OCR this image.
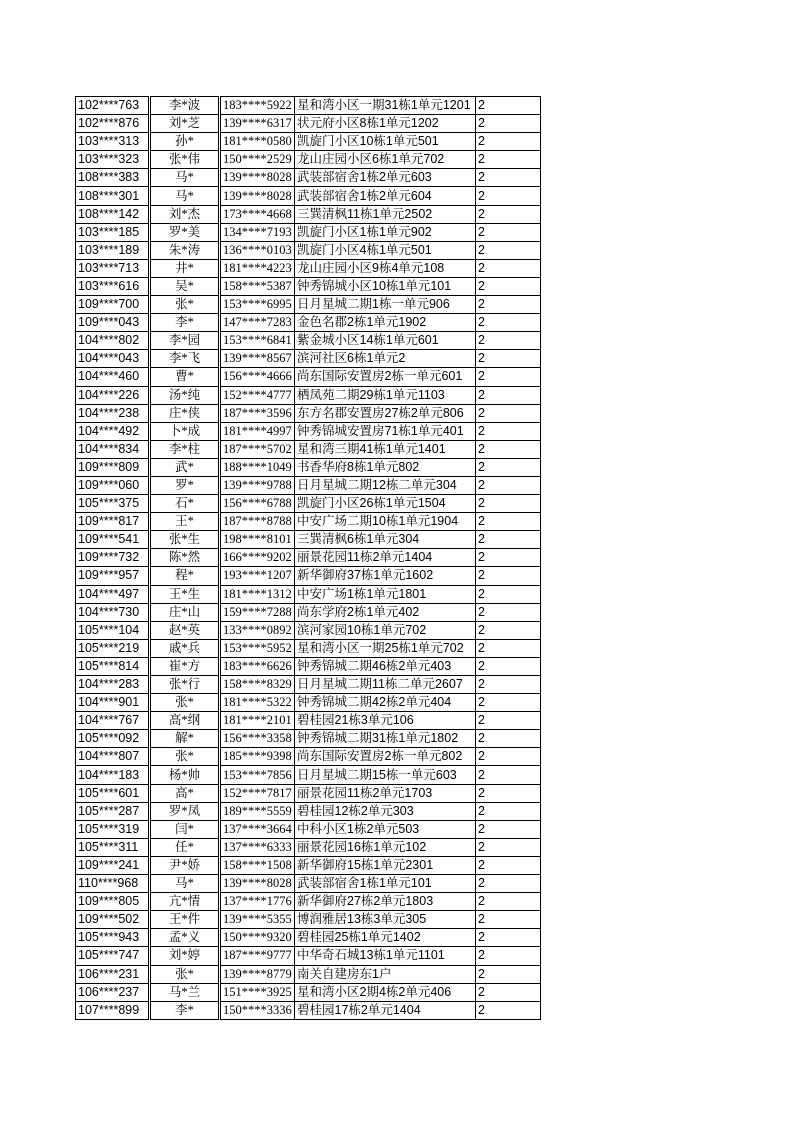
102****763	李*波	183****5922	星和湾小区一期31栋1单元1201	2
102****876	刘*芝	139****6317	状元府小区8栋1单元1202	2
103****313	孙*	181****0580	凯旋门小区10栋1单元501	2
103****323	张*伟	150****2529	龙山庄园小区6栋1单元702	2
108****383	马*	139****8028	武装部宿舍1栋2单元603	2
108****301	马*	139****8028	武装部宿舍1栋2单元604	2
108****142	刘*杰	173****4668	三巽清枫11栋1单元2502	2
103****185	罗*美	134****7193	凯旋门小区1栋1单元902	2
103****189	朱*涛	136****0103	凯旋门小区4栋1单元501	2
103****713	井*	181****4223	龙山庄园小区9栋4单元108	2
103****616	吴*	158****5387	钟秀锦城小区10栋1单元101	2
109****700	张*	153****6995	日月星城二期1栋一单元906	2
109****043	李*	147****7283	金色名郡2栋1单元1902	2
104****802	李*园	153****6841	紫金城小区14栋1单元601	2
104****043	李*飞	139****8567	滨河社区6栋1单元2	2
104****460	曹*	156****4666	尚东国际安置房2栋一单元601	2
104****226	汤*纯	152****4777	栖凤苑二期29栋1单元1103	2
104****238	庄*侠	187****3596	东方名郡安置房27栋2单元806	2
104****492	卜*成	181****4997	钟秀锦城安置房71栋1单元401	2
104****834	李*柱	187****5702	星和湾三期41栋1单元1401	2
109****809	武*	188****1049	书香华府8栋1单元802	2
109****060	罗*	139****9788	日月星城二期12栋二单元304	2
105****375	石*	156****6788	凯旋门小区26栋1单元1504	2
109****817	王*	187****8788	中安广场二期10栋1单元1904	2
109****541	张*生	198****8101	三巽清枫6栋1单元304	2
109****732	陈*然	166****9202	丽景花园11栋2单元1404	2
109****957	程*	193****1207	新华御府37栋1单元1602	2
104****497	王*生	181****1312	中安广场1栋1单元1801	2
104****730	庄*山	159****7288	尚东学府2栋1单元402	2
105****104	赵*英	133****0892	滨河家园10栋1单元702	2
105****219	戚*兵	153****5952	星和湾小区一期25栋1单元702	2
105****814	崔*方	183****6626	钟秀锦城二期46栋2单元403	2
104****283	张*行	158****8329	日月星城二期11栋二单元2607	2
104****901	张*	181****5322	钟秀锦城二期42栋2单元404	2
104****767	高*纲	181****2101	碧桂园21栋3单元106	2
105****092	解*	156****3358	钟秀锦城二期31栋1单元1802	2
104****807	张*	185****9398	尚东国际安置房2栋一单元802	2
104****183	杨*帅	153****7856	日月星城二期15栋一单元603	2
105****601	高*	152****7817	丽景花园11栋2单元1703	2
105****287	罗*凤	189****5559	碧桂园12栋2单元303	2
105****319	闫*	137****3664	中科小区1栋2单元503	2
105****311	任*	137****6333	丽景花园16栋1单元102	2
109****241	尹*娇	158****1508	新华御府15栋1单元2301	2
110****968	马*	139****8028	武装部宿舍1栋1单元101	2
109****805	亢*情	137****1776	新华御府27栋2单元1803	2
109****502	王*件	139****5355	博润雅居13栋3单元305	2
105****943	孟*义	150****9320	碧桂园25栋1单元1402	2
105****747	刘*婷	187****9777	中华奇石城13栋1单元1101	2
106****231	张*	139****8779	南关自建房东1户	2
106****237	马*兰	151****3925	星和湾小区2期4栋2单元406	2
107****899	李*	150****3336	碧桂园17栋2单元1404	2
